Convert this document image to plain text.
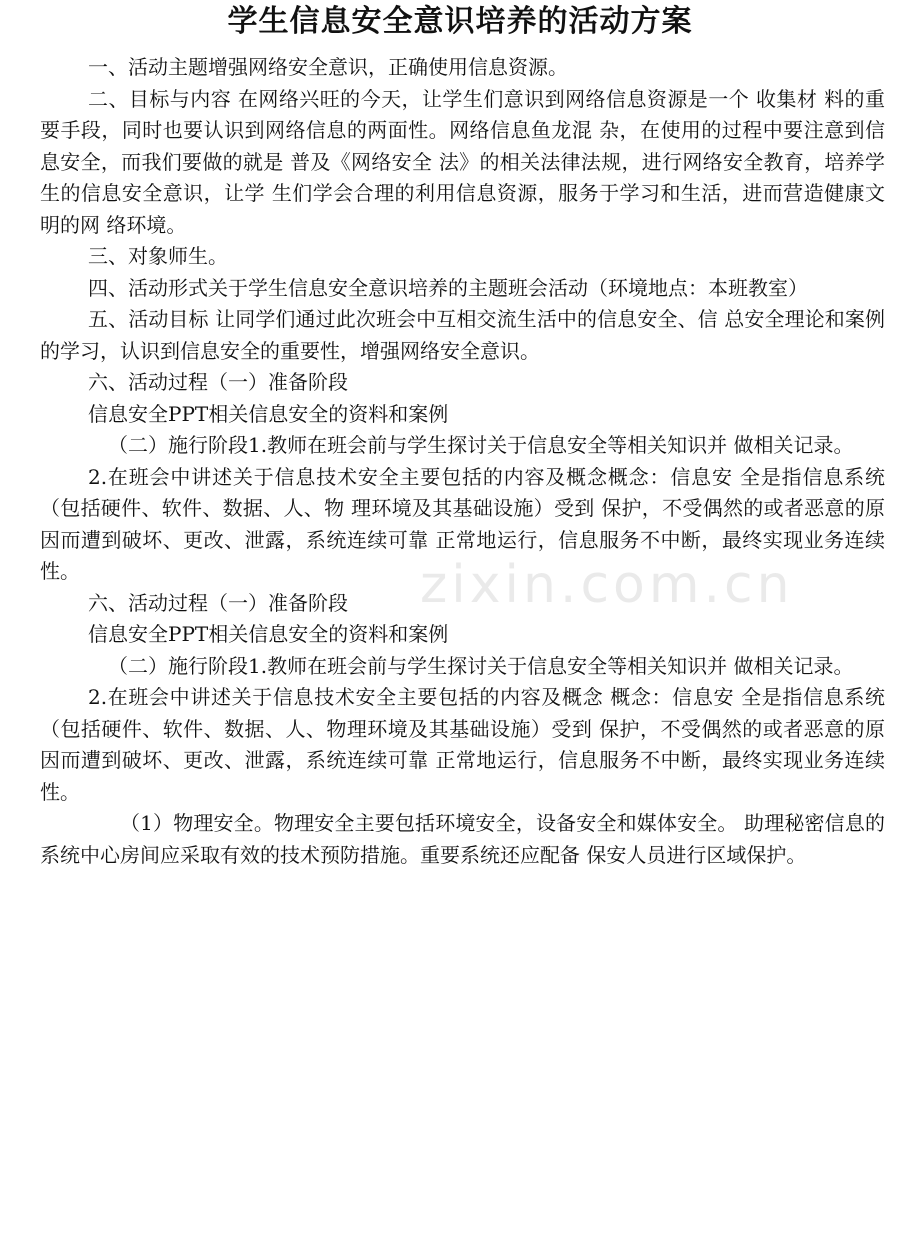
学生信息安全意识培养的活动方案

一、活动主题增强网络安全意识，正确使用信息资源。

二、目标与内容 在网络兴旺的今天，让学生们意识到网络信息资源是一个 收集材 料的重要手段，同时也要认识到网络信息的两面性。网络信息鱼龙混 杂，在使用的过程中要注意到信息安全，而我们要做的就是 普及《网络安全 法》的相关法律法规，进行网络安全教育，培养学生的信息安全意识，让学 生们学会合理的利用信息资源，服务于学习和生活，进而营造健康文明的网 络环境。

三、对象师生。

四、活动形式关于学生信息安全意识培养的主题班会活动（环境地点：本班教室）

五、活动目标 让同学们通过此次班会中互相交流生活中的信息安全、信 总安全理论和案例的学习，认识到信息安全的重要性，增强网络安全意识。

六、活动过程（一）准备阶段

信息安全PPT相关信息安全的资料和案例

（二）施行阶段1.教师在班会前与学生探讨关于信息安全等相关知识并 做相关记录。

2.在班会中讲述关于信息技术安全主要包括的内容及概念概念：信息安 全是指信息系统（包括硬件、软件、数据、人、物 理环境及其基础设施）受到 保护，不受偶然的或者恶意的原因而遭到破坏、更改、泄露，系统连续可靠 正常地运行，信息服务不中断，最终实现业务连续性。

六、活动过程（一）准备阶段

信息安全PPT相关信息安全的资料和案例

（二）施行阶段1.教师在班会前与学生探讨关于信息安全等相关知识并 做相关记录。

2.在班会中讲述关于信息技术安全主要包括的内容及概念 概念：信息安 全是指信息系统（包括硬件、软件、数据、人、物理环境及其基础设施）受到 保护，不受偶然的或者恶意的原因而遭到破坏、更改、泄露，系统连续可靠 正常地运行，信息服务不中断，最终实现业务连续性。

（1）物理安全。物理安全主要包括环境安全，设备安全和媒体安全。 助理秘密信息的系统中心房间应采取有效的技术预防措施。重要系统还应配备 保安人员进行区域保护。

zixin.com.cn
